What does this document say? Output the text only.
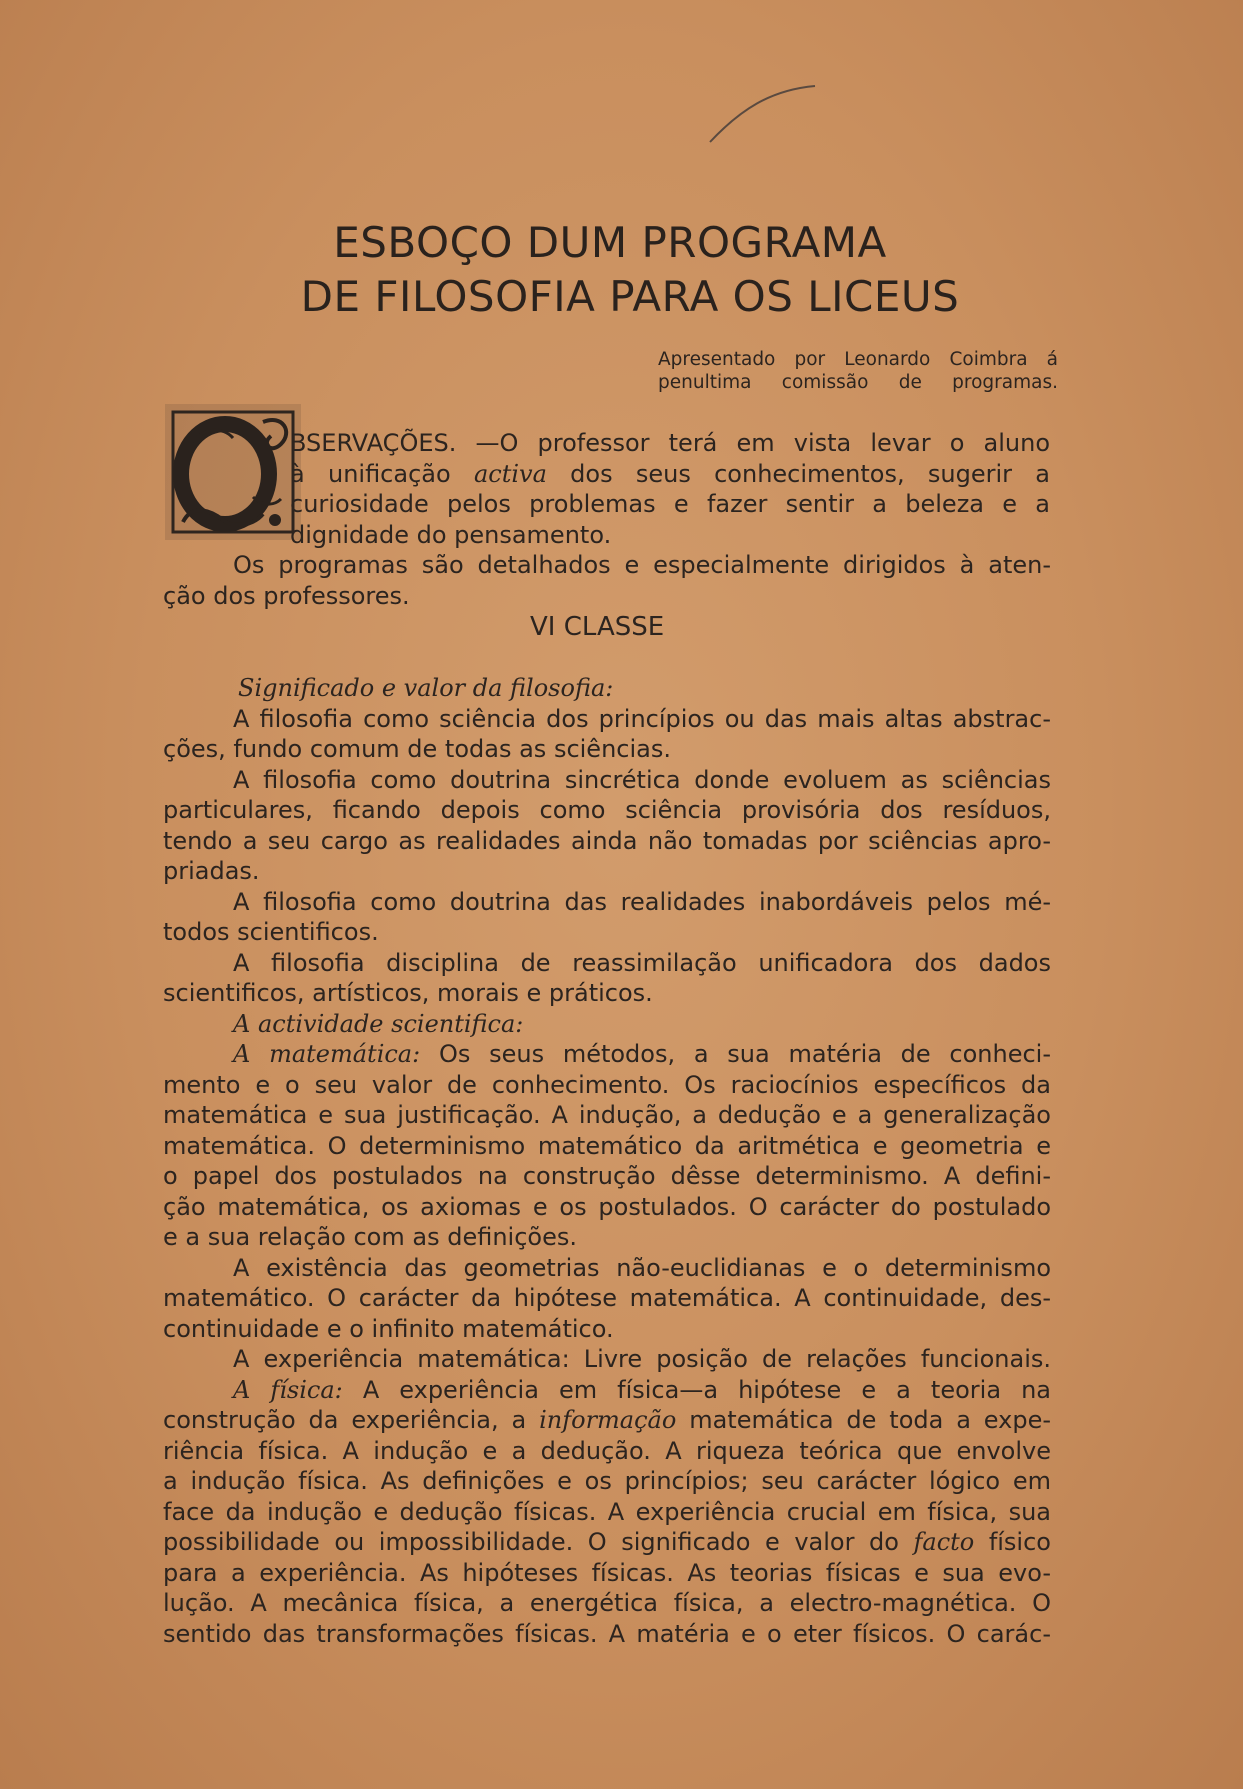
ESBOÇO DUM PROGRAMA
DE FILOSOFIA PARA OS LICEUS
Apresentado por Leonardo Coimbra á
penultima comissão de programas.
BSERVAÇÕES. —O professor terá em vista levar o aluno
à unificação activa dos seus conhecimentos, sugerir a
curiosidade pelos problemas e fazer sentir a beleza e a
dignidade do pensamento.
Os programas são detalhados e especialmente dirigidos à aten-
ção dos professores.
VI CLASSE
Significado e valor da filosofia:
A filosofia como sciência dos princípios ou das mais altas abstrac-
ções, fundo comum de todas as sciências.
A filosofia como doutrina sincrética donde evoluem as sciências
particulares, ficando depois como sciência provisória dos resíduos,
tendo a seu cargo as realidades ainda não tomadas por sciências apro-
priadas.
A filosofia como doutrina das realidades inabordáveis pelos mé-
todos scientificos.
A filosofia disciplina de reassimilação unificadora dos dados
scientificos, artísticos, morais e práticos.
A actividade scientifica:
A matemática: Os seus métodos, a sua matéria de conheci-
mento e o seu valor de conhecimento. Os raciocínios específicos da
matemática e sua justificação. A indução, a dedução e a generalização
matemática. O determinismo matemático da aritmética e geometria e
o papel dos postulados na construção dêsse determinismo. A defini-
ção matemática, os axiomas e os postulados. O carácter do postulado
e a sua relação com as definições.
A existência das geometrias não-euclidianas e o determinismo
matemático. O carácter da hipótese matemática. A continuidade, des-
continuidade e o infinito matemático.
A experiência matemática: Livre posição de relações funcionais.
A física: A experiência em física—a hipótese e a teoria na
construção da experiência, a informação matemática de toda a expe-
riência física. A indução e a dedução. A riqueza teórica que envolve
a indução física. As definições e os princípios; seu carácter lógico em
face da indução e dedução físicas. A experiência crucial em física, sua
possibilidade ou impossibilidade. O significado e valor do facto físico
para a experiência. As hipóteses físicas. As teorias físicas e sua evo-
lução. A mecânica física, a energética física, a electro-magnética. O
sentido das transformações físicas. A matéria e o eter físicos. O carác-
